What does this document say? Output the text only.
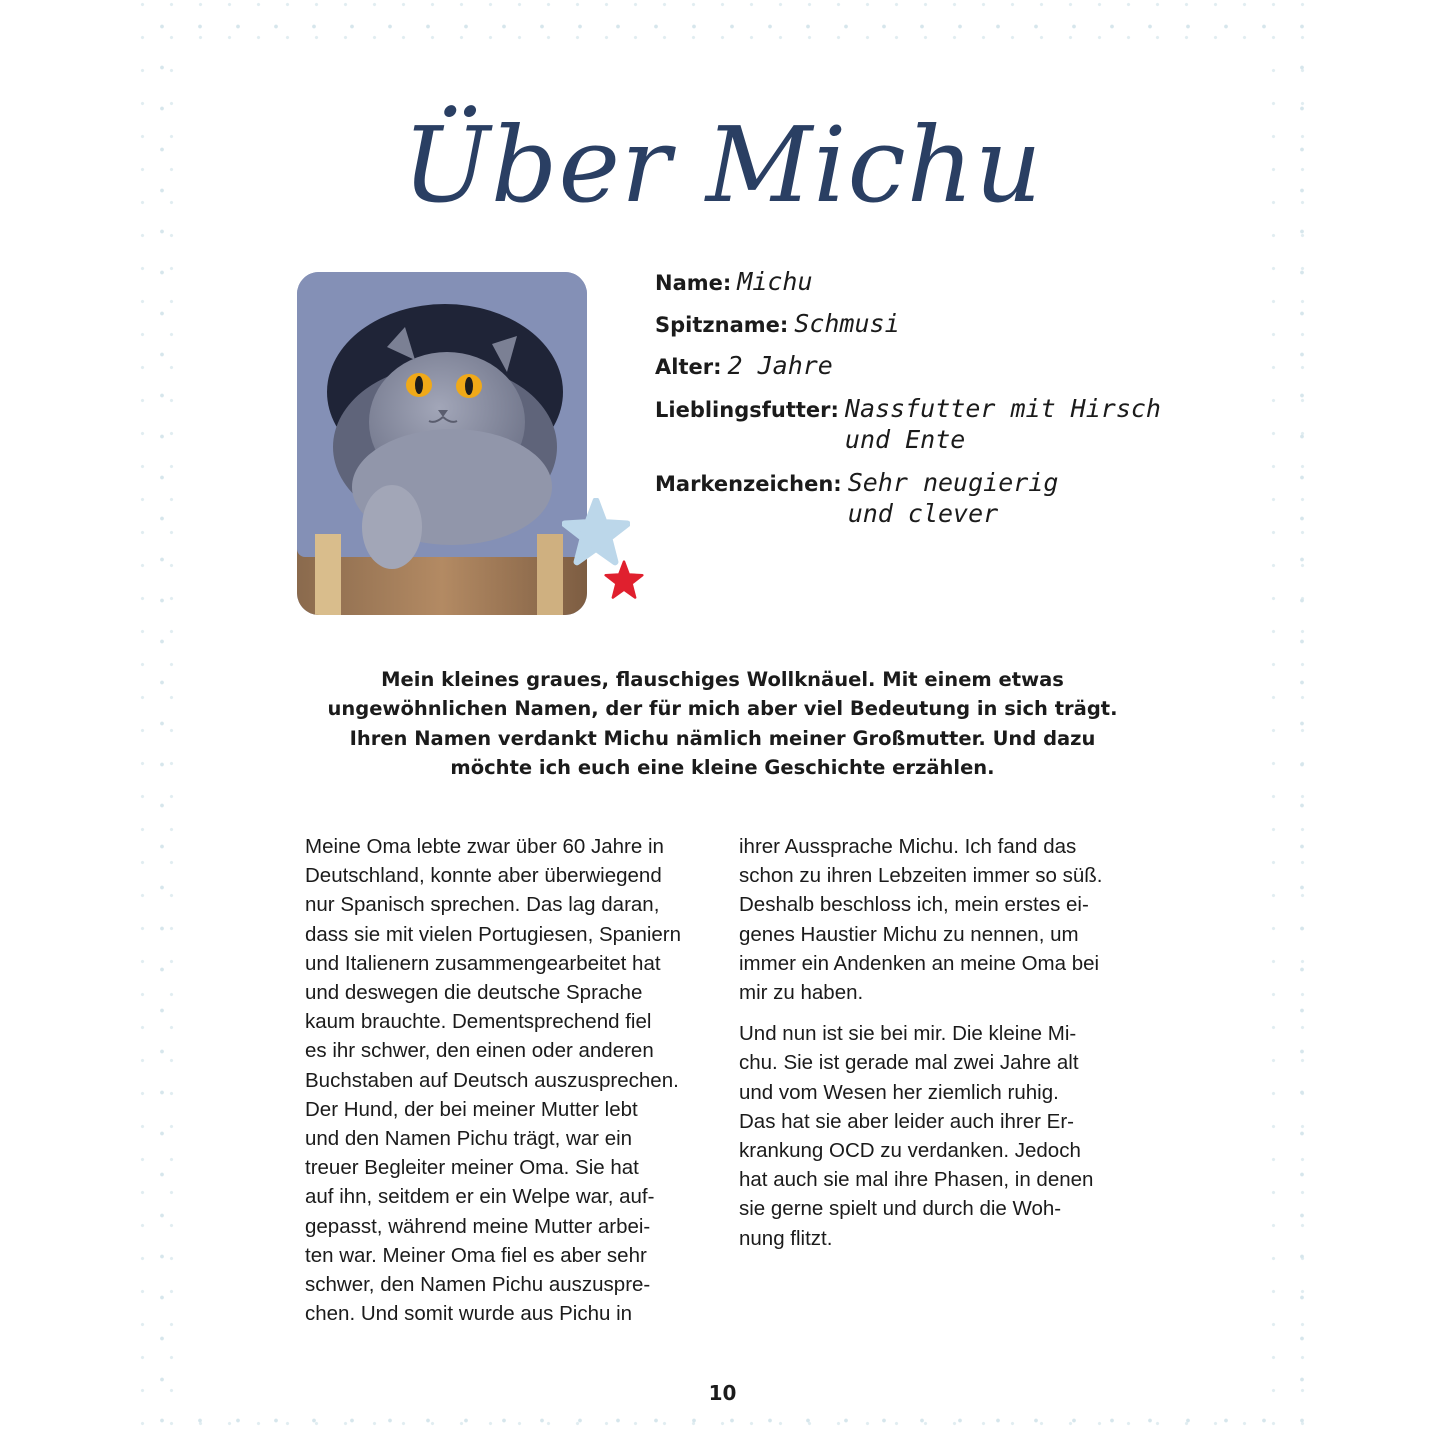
Über Michu
Name: Michu
Spitzname: Schmusi
Alter: 2 Jahre
Lieblingsfutter: Nassfutter mit Hirsch
und Ente
Markenzeichen: Sehr neugierig
und clever
Mein kleines graues, flauschiges Wollknäuel. Mit einem etwas
ungewöhnlichen Namen, der für mich aber viel Bedeutung in sich trägt.
Ihren Namen verdankt Michu nämlich meiner Großmutter. Und dazu
möchte ich euch eine kleine Geschichte erzählen.

Meine Oma lebte zwar über 60 Jahre in
Deutschland, konnte aber überwiegend
nur Spanisch sprechen. Das lag daran,
dass sie mit vielen Portugiesen, Spaniern
und Italienern zusammengearbeitet hat
und deswegen die deutsche Sprache
kaum brauchte. Dementsprechend fiel
es ihr schwer, den einen oder anderen
Buchstaben auf Deutsch auszusprechen.
Der Hund, der bei meiner Mutter lebt
und den Namen Pichu trägt, war ein
treuer Begleiter meiner Oma. Sie hat
auf ihn, seitdem er ein Welpe war, auf-
gepasst, während meine Mutter arbei-
ten war. Meiner Oma fiel es aber sehr
schwer, den Namen Pichu auszuspre-
chen. Und somit wurde aus Pichu in

ihrer Aussprache Michu. Ich fand das
schon zu ihren Lebzeiten immer so süß.
Deshalb beschloss ich, mein erstes ei-
genes Haustier Michu zu nennen, um
immer ein Andenken an meine Oma bei
mir zu haben.

Und nun ist sie bei mir. Die kleine Mi-
chu. Sie ist gerade mal zwei Jahre alt
und vom Wesen her ziemlich ruhig.
Das hat sie aber leider auch ihrer Er-
krankung OCD zu verdanken. Jedoch
hat auch sie mal ihre Phasen, in denen
sie gerne spielt und durch die Woh-
nung flitzt.

10
